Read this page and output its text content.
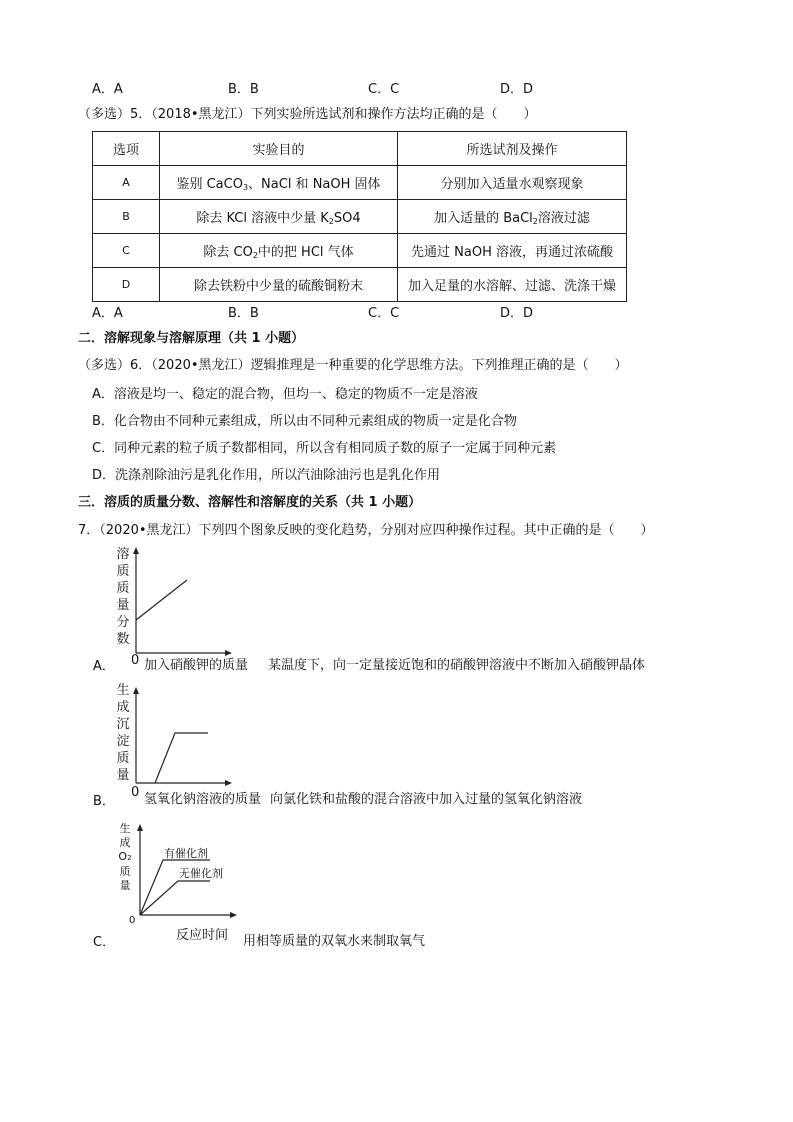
A．A	B．B	C．C	D．D
（多选）5．（2018•黑龙江）下列实验所选试剂和操作方法均正确的是（　　）
选项	实验目的	所选试剂及操作
A	鉴别 CaCO$_3$、NaCl 和 NaOH 固体	分别加入适量水观察现象
B	除去 KCl 溶液中少量 $K_2SO4$	加入适量的 BaCl$_2$溶液过滤
C	除去 $CO_2$中的把 HCl 气体	先通过 NaOH 溶液，再通过浓硫酸
D	除去铁粉中少量的硫酸铜粉末	加入足量的水溶解、过滤、洗涤干燥
A．A	B．B	C．C	D．D
二．溶解现象与溶解原理（共 1 小题）
（多选）6．（2020•黑龙江）逻辑推理是一种重要的化学思维方法。下列推理正确的是（　　）
A．溶液是均一、稳定的混合物，但均一、稳定的物质不一定是溶液
B．化合物由不同种元素组成，所以由不同种元素组成的物质一定是化合物
C．同种元素的粒子质子数都相同，所以含有相同质子数的原子一定属于同种元素
D．洗涤剂除油污是乳化作用，所以汽油除油污也是乳化作用
三．溶质的质量分数、溶解性和溶解度的关系（共 1 小题）
7．（2020•黑龙江）下列四个图象反映的变化趋势，分别对应四种操作过程。其中正确的是（　　）
溶质质量分数
A． 0 加入硝酸钾的质量 某温度下，向一定量接近饱和的硝酸钾溶液中不断加入硝酸钾晶体
生成沉淀质量
B．
0 氢氧化钠溶液的质量 向氯化铁和盐酸的混合溶液中加入过量的氢氧化钠溶液
生
成
O2
质
量
有催化剂
无催化剂
C．
0
反应时间 用相等质量的双氧水来制取氧气
